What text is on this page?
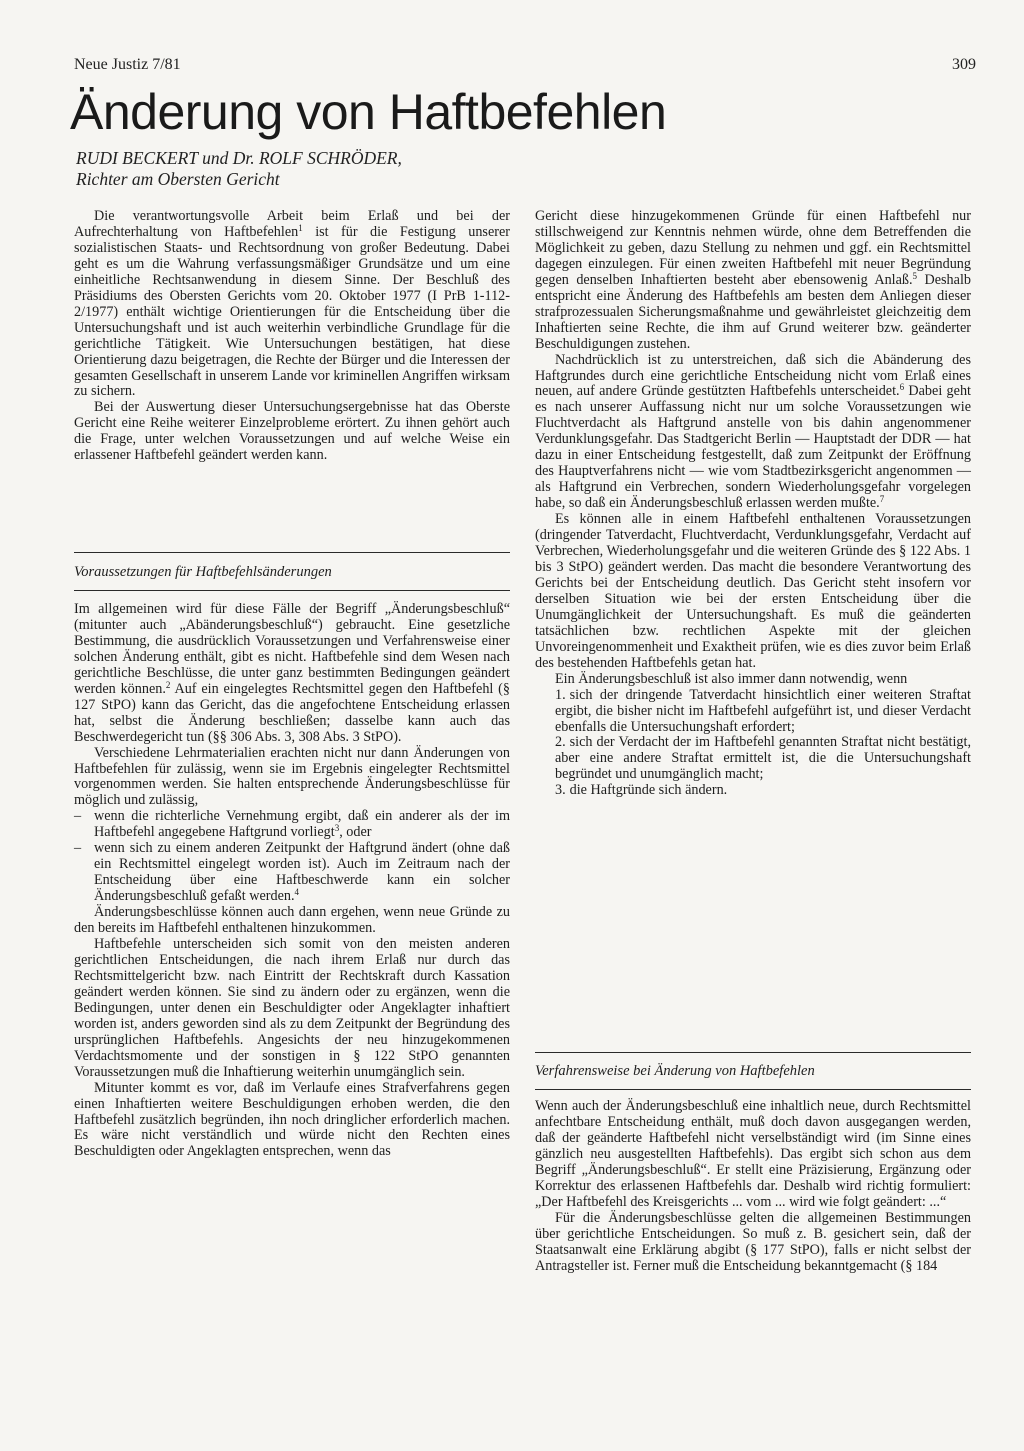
Neue Justiz 7/81	309
Änderung von Haftbefehlen
RUDI BECKERT und Dr. ROLF SCHRÖDER,
Richter am Obersten Gericht

Die verantwortungsvolle Arbeit beim Erlaß und bei der Aufrechterhaltung von Haftbefehlen$^1$ ist für die Festigung unserer sozialistischen Staats- und Rechtsordnung von großer Bedeutung. Dabei geht es um die Wahrung verfassungsmäßiger Grundsätze und um eine einheitliche Rechtsanwendung in diesem Sinne. Der Beschluß des Präsidiums des Obersten Gerichts vom 20. Oktober 1977 (I PrB 1-112-2/1977) enthält wichtige Orientierungen für die Entscheidung über die Untersuchungshaft und ist auch weiterhin verbindliche Grundlage für die gerichtliche Tätigkeit. Wie Untersuchungen bestätigen, hat diese Orientierung dazu beigetragen, die Rechte der Bürger und die Interessen der gesamten Gesellschaft in unserem Lande vor kriminellen Angriffen wirksam zu sichern.

Bei der Auswertung dieser Untersuchungsergebnisse hat das Oberste Gericht eine Reihe weiterer Einzelprobleme erörtert. Zu ihnen gehört auch die Frage, unter welchen Voraussetzungen und auf welche Weise ein erlassener Haftbefehl geändert werden kann.

Voraussetzungen für Haftbefehlsänderungen

Im allgemeinen wird für diese Fälle der Begriff „Änderungsbeschluß“ (mitunter auch „Abänderungsbeschluß“) gebraucht. Eine gesetzliche Bestimmung, die ausdrücklich Voraussetzungen und Verfahrensweise einer solchen Änderung enthält, gibt es nicht. Haftbefehle sind dem Wesen nach gerichtliche Beschlüsse, die unter ganz bestimmten Bedingungen geändert werden können.$^2$ Auf ein eingelegtes Rechtsmittel gegen den Haftbefehl (§ 127 StPO) kann das Gericht, das die angefochtene Entscheidung erlassen hat, selbst die Änderung beschließen; dasselbe kann auch das Beschwerdegericht tun (§§ 306 Abs. 3, 308 Abs. 3 StPO).

Verschiedene Lehrmaterialien erachten nicht nur dann Änderungen von Haftbefehlen für zulässig, wenn sie im Ergebnis eingelegter Rechtsmittel vorgenommen werden. Sie halten entsprechende Änderungsbeschlüsse für möglich und zulässig,

– wenn die richterliche Vernehmung ergibt, daß ein anderer als der im Haftbefehl angegebene Haftgrund vorliegt$^3$, oder
– wenn sich zu einem anderen Zeitpunkt der Haftgrund ändert (ohne daß ein Rechtsmittel eingelegt worden ist). Auch im Zeitraum nach der Entscheidung über eine Haftbeschwerde kann ein solcher Änderungsbeschluß gefaßt werden.$^4$

Änderungsbeschlüsse können auch dann ergehen, wenn neue Gründe zu den bereits im Haftbefehl enthaltenen hinzukommen.

Haftbefehle unterscheiden sich somit von den meisten anderen gerichtlichen Entscheidungen, die nach ihrem Erlaß nur durch das Rechtsmittelgericht bzw. nach Eintritt der Rechtskraft durch Kassation geändert werden können. Sie sind zu ändern oder zu ergänzen, wenn die Bedingungen, unter denen ein Beschuldigter oder Angeklagter inhaftiert worden ist, anders geworden sind als zu dem Zeitpunkt der Begründung des ursprünglichen Haftbefehls. Angesichts der neu hinzugekommenen Verdachtsmomente und der sonstigen in § 122 StPO genannten Voraussetzungen muß die Inhaftierung weiterhin unumgänglich sein.

Mitunter kommt es vor, daß im Verlaufe eines Strafverfahrens gegen einen Inhaftierten weitere Beschuldigungen erhoben werden, die den Haftbefehl zusätzlich begründen, ihn noch dringlicher erforderlich machen. Es wäre nicht verständlich und würde nicht den Rechten eines Beschuldigten oder Angeklagten entsprechen, wenn das

Gericht diese hinzugekommenen Gründe für einen Haftbefehl nur stillschweigend zur Kenntnis nehmen würde, ohne dem Betreffenden die Möglichkeit zu geben, dazu Stellung zu nehmen und ggf. ein Rechtsmittel dagegen einzulegen. Für einen zweiten Haftbefehl mit neuer Begründung gegen denselben Inhaftierten besteht aber ebensowenig Anlaß.$^5$ Deshalb entspricht eine Änderung des Haftbefehls am besten dem Anliegen dieser strafprozessualen Sicherungsmaßnahme und gewährleistet gleichzeitig dem Inhaftierten seine Rechte, die ihm auf Grund weiterer bzw. geänderter Beschuldigungen zustehen.

Nachdrücklich ist zu unterstreichen, daß sich die Abänderung des Haftgrundes durch eine gerichtliche Entscheidung nicht vom Erlaß eines neuen, auf andere Gründe gestützten Haftbefehls unterscheidet.$^6$ Dabei geht es nach unserer Auffassung nicht nur um solche Voraussetzungen wie Fluchtverdacht als Haftgrund anstelle von bis dahin angenommener Verdunklungsgefahr. Das Stadtgericht Berlin — Hauptstadt der DDR — hat dazu in einer Entscheidung festgestellt, daß zum Zeitpunkt der Eröffnung des Hauptverfahrens nicht — wie vom Stadtbezirksgericht angenommen — als Haftgrund ein Verbrechen, sondern Wiederholungsgefahr vorgelegen habe, so daß ein Änderungsbeschluß erlassen werden mußte.$^7$

Es können alle in einem Haftbefehl enthaltenen Voraussetzungen (dringender Tatverdacht, Fluchtverdacht, Verdunklungsgefahr, Verdacht auf Verbrechen, Wiederholungsgefahr und die weiteren Gründe des § 122 Abs. 1 bis 3 StPO) geändert werden. Das macht die besondere Verantwortung des Gerichts bei der Entscheidung deutlich. Das Gericht steht insofern vor derselben Situation wie bei der ersten Entscheidung über die Unumgänglichkeit der Untersuchungshaft. Es muß die geänderten tatsächlichen bzw. rechtlichen Aspekte mit der gleichen Unvoreingenommenheit und Exaktheit prüfen, wie es dies zuvor beim Erlaß des bestehenden Haftbefehls getan hat.

Ein Änderungsbeschluß ist also immer dann notwendig, wenn

1. sich der dringende Tatverdacht hinsichtlich einer weiteren Straftat ergibt, die bisher nicht im Haftbefehl aufgeführt ist, und dieser Verdacht ebenfalls die Untersuchungshaft erfordert;
2. sich der Verdacht der im Haftbefehl genannten Straftat nicht bestätigt, aber eine andere Straftat ermittelt ist, die die Untersuchungshaft begründet und unumgänglich macht;
3. die Haftgründe sich ändern.
Verfahrensweise bei Änderung von Haftbefehlen

Wenn auch der Änderungsbeschluß eine inhaltlich neue, durch Rechtsmittel anfechtbare Entscheidung enthält, muß doch davon ausgegangen werden, daß der geänderte Haftbefehl nicht verselbständigt wird (im Sinne eines gänzlich neu ausgestellten Haftbefehls). Das ergibt sich schon aus dem Begriff „Änderungsbeschluß“. Er stellt eine Präzisierung, Ergänzung oder Korrektur des erlassenen Haftbefehls dar. Deshalb wird richtig formuliert: „Der Haftbefehl des Kreisgerichts ... vom ... wird wie folgt geändert: ...“

Für die Änderungsbeschlüsse gelten die allgemeinen Bestimmungen über gerichtliche Entscheidungen. So muß z. B. gesichert sein, daß der Staatsanwalt eine Erklärung abgibt (§ 177 StPO), falls er nicht selbst der Antragsteller ist. Ferner muß die Entscheidung bekanntgemacht (§ 184
